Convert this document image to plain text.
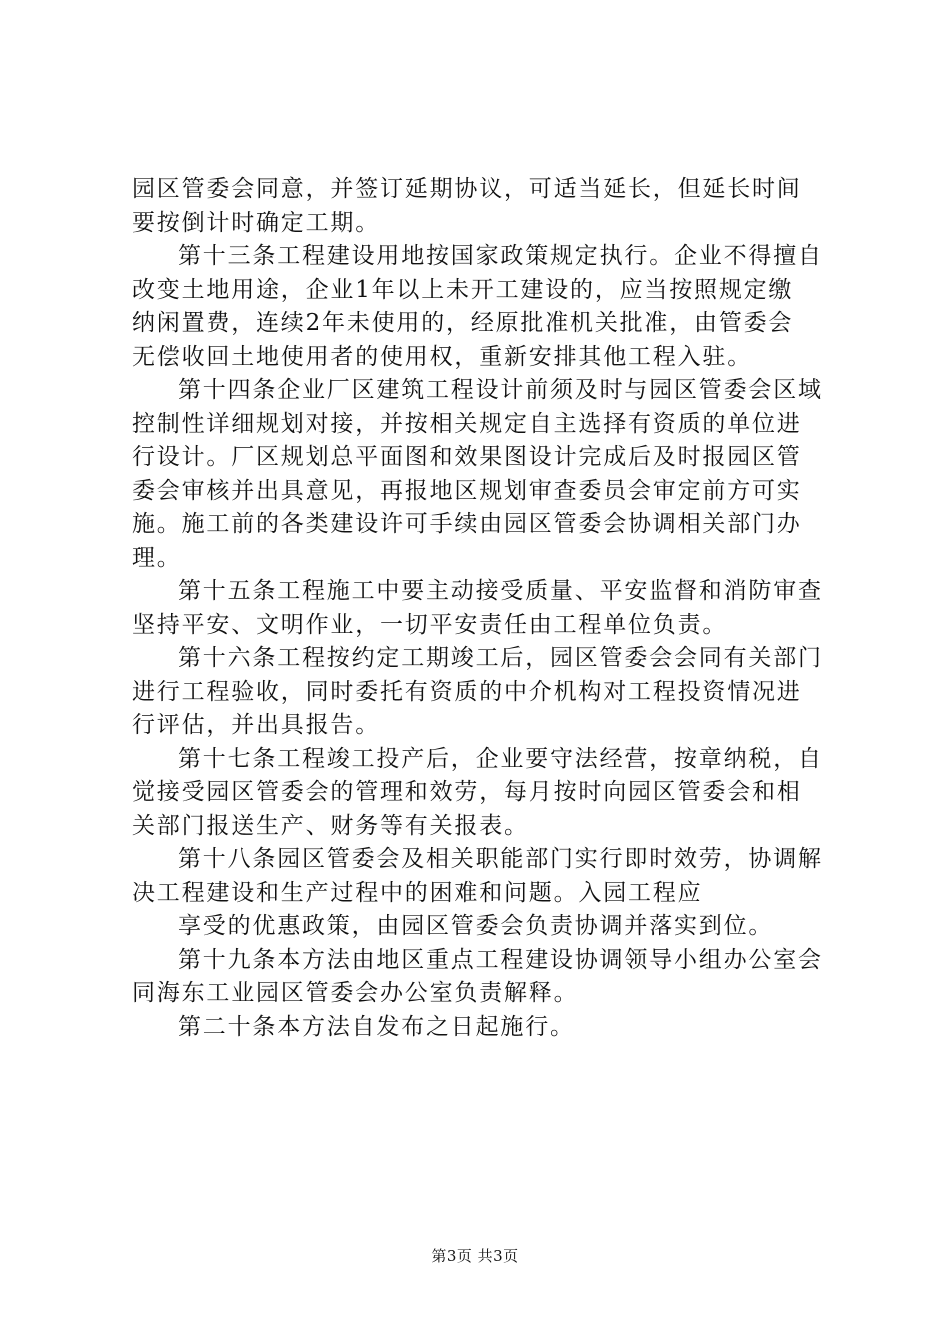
园区管委会同意，并签订延期协议，可适当延长，但延长时间
要按倒计时确定工期。
第十三条工程建设用地按国家政策规定执行。企业不得擅自
改变土地用途，企业1年以上未开工建设的，应当按照规定缴
纳闲置费，连续2年未使用的，经原批准机关批准，由管委会
无偿收回土地使用者的使用权，重新安排其他工程入驻。
第十四条企业厂区建筑工程设计前须及时与园区管委会区域
控制性详细规划对接，并按相关规定自主选择有资质的单位进
行设计。厂区规划总平面图和效果图设计完成后及时报园区管
委会审核并出具意见，再报地区规划审查委员会审定前方可实
施。施工前的各类建设许可手续由园区管委会协调相关部门办
理。
第十五条工程施工中要主动接受质量、平安监督和消防审查
坚持平安、文明作业，一切平安责任由工程单位负责。
第十六条工程按约定工期竣工后，园区管委会会同有关部门
进行工程验收，同时委托有资质的中介机构对工程投资情况进
行评估，并出具报告。
第十七条工程竣工投产后，企业要守法经营，按章纳税，自
觉接受园区管委会的管理和效劳，每月按时向园区管委会和相
关部门报送生产、财务等有关报表。
第十八条园区管委会及相关职能部门实行即时效劳，协调解
决工程建设和生产过程中的困难和问题。入园工程应
享受的优惠政策，由园区管委会负责协调并落实到位。
第十九条本方法由地区重点工程建设协调领导小组办公室会
同海东工业园区管委会办公室负责解释。
第二十条本方法自发布之日起施行。
第3页 共3页
